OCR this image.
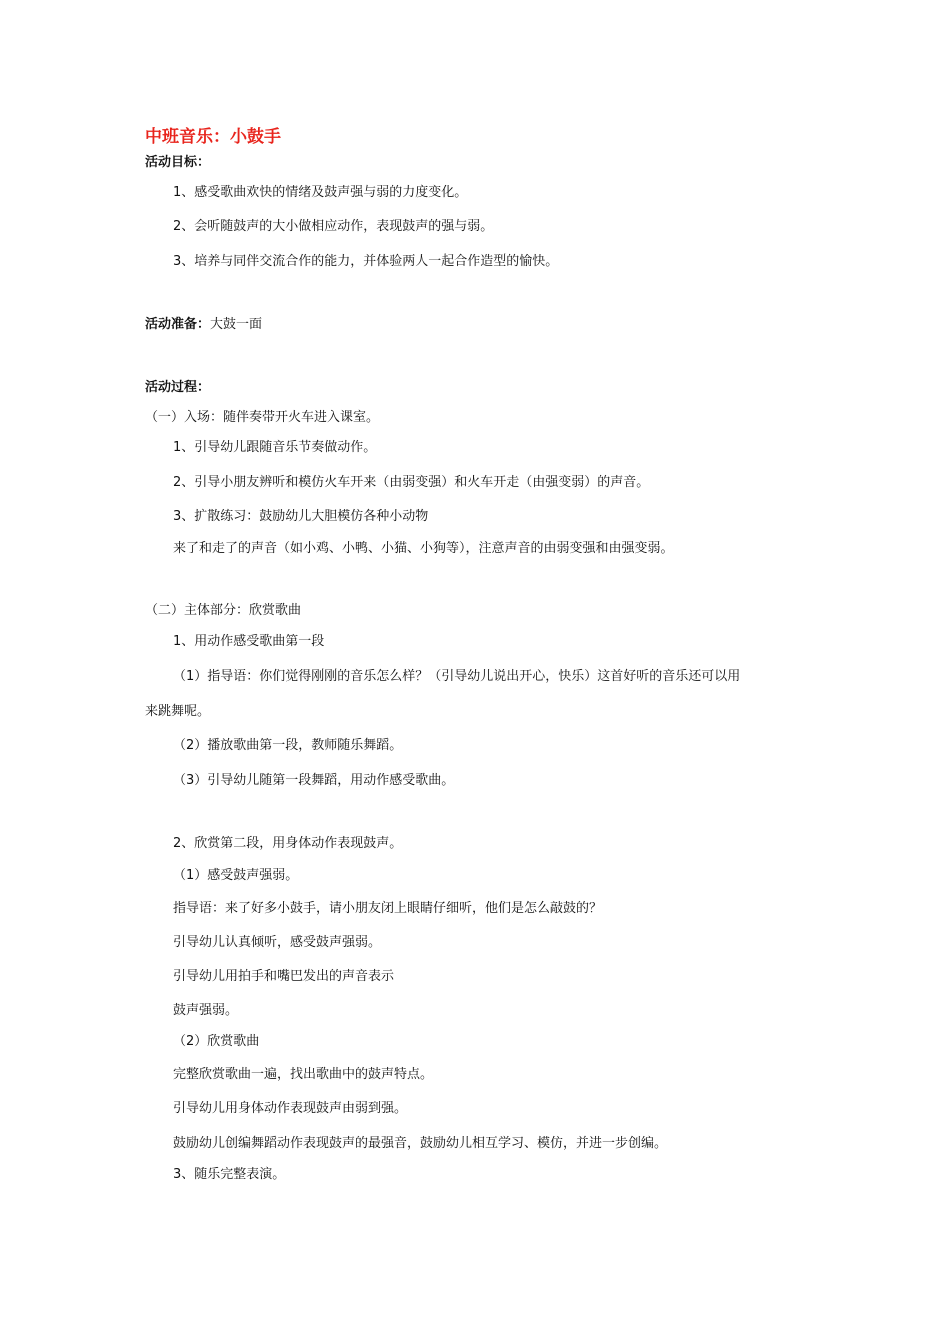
中班音乐：小鼓手
活动目标：
1、感受歌曲欢快的情绪及鼓声强与弱的力度变化。
2、会听随鼓声的大小做相应动作，表现鼓声的强与弱。
3、培养与同伴交流合作的能力，并体验两人一起合作造型的愉快。
活动准备：大鼓一面
活动过程：
（一）入场：随伴奏带开火车进入课室。
1、引导幼儿跟随音乐节奏做动作。
2、引导小朋友辨听和模仿火车开来（由弱变强）和火车开走（由强变弱）的声音。
3、扩散练习：鼓励幼儿大胆模仿各种小动物
来了和走了的声音（如小鸡、小鸭、小猫、小狗等），注意声音的由弱变强和由强变弱。
（二）主体部分：欣赏歌曲
1、用动作感受歌曲第一段
（1）指导语：你们觉得刚刚的音乐怎么样？（引导幼儿说出开心，快乐）这首好听的音乐还可以用
来跳舞呢。
（2）播放歌曲第一段，教师随乐舞蹈。
（3）引导幼儿随第一段舞蹈，用动作感受歌曲。
2、欣赏第二段，用身体动作表现鼓声。
（1）感受鼓声强弱。
指导语：来了好多小鼓手，请小朋友闭上眼睛仔细听，他们是怎么敲鼓的？
引导幼儿认真倾听，感受鼓声强弱。
引导幼儿用拍手和嘴巴发出的声音表示
鼓声强弱。
（2）欣赏歌曲
完整欣赏歌曲一遍，找出歌曲中的鼓声特点。
引导幼儿用身体动作表现鼓声由弱到强。
鼓励幼儿创编舞蹈动作表现鼓声的最强音，鼓励幼儿相互学习、模仿，并进一步创编。
3、随乐完整表演。
